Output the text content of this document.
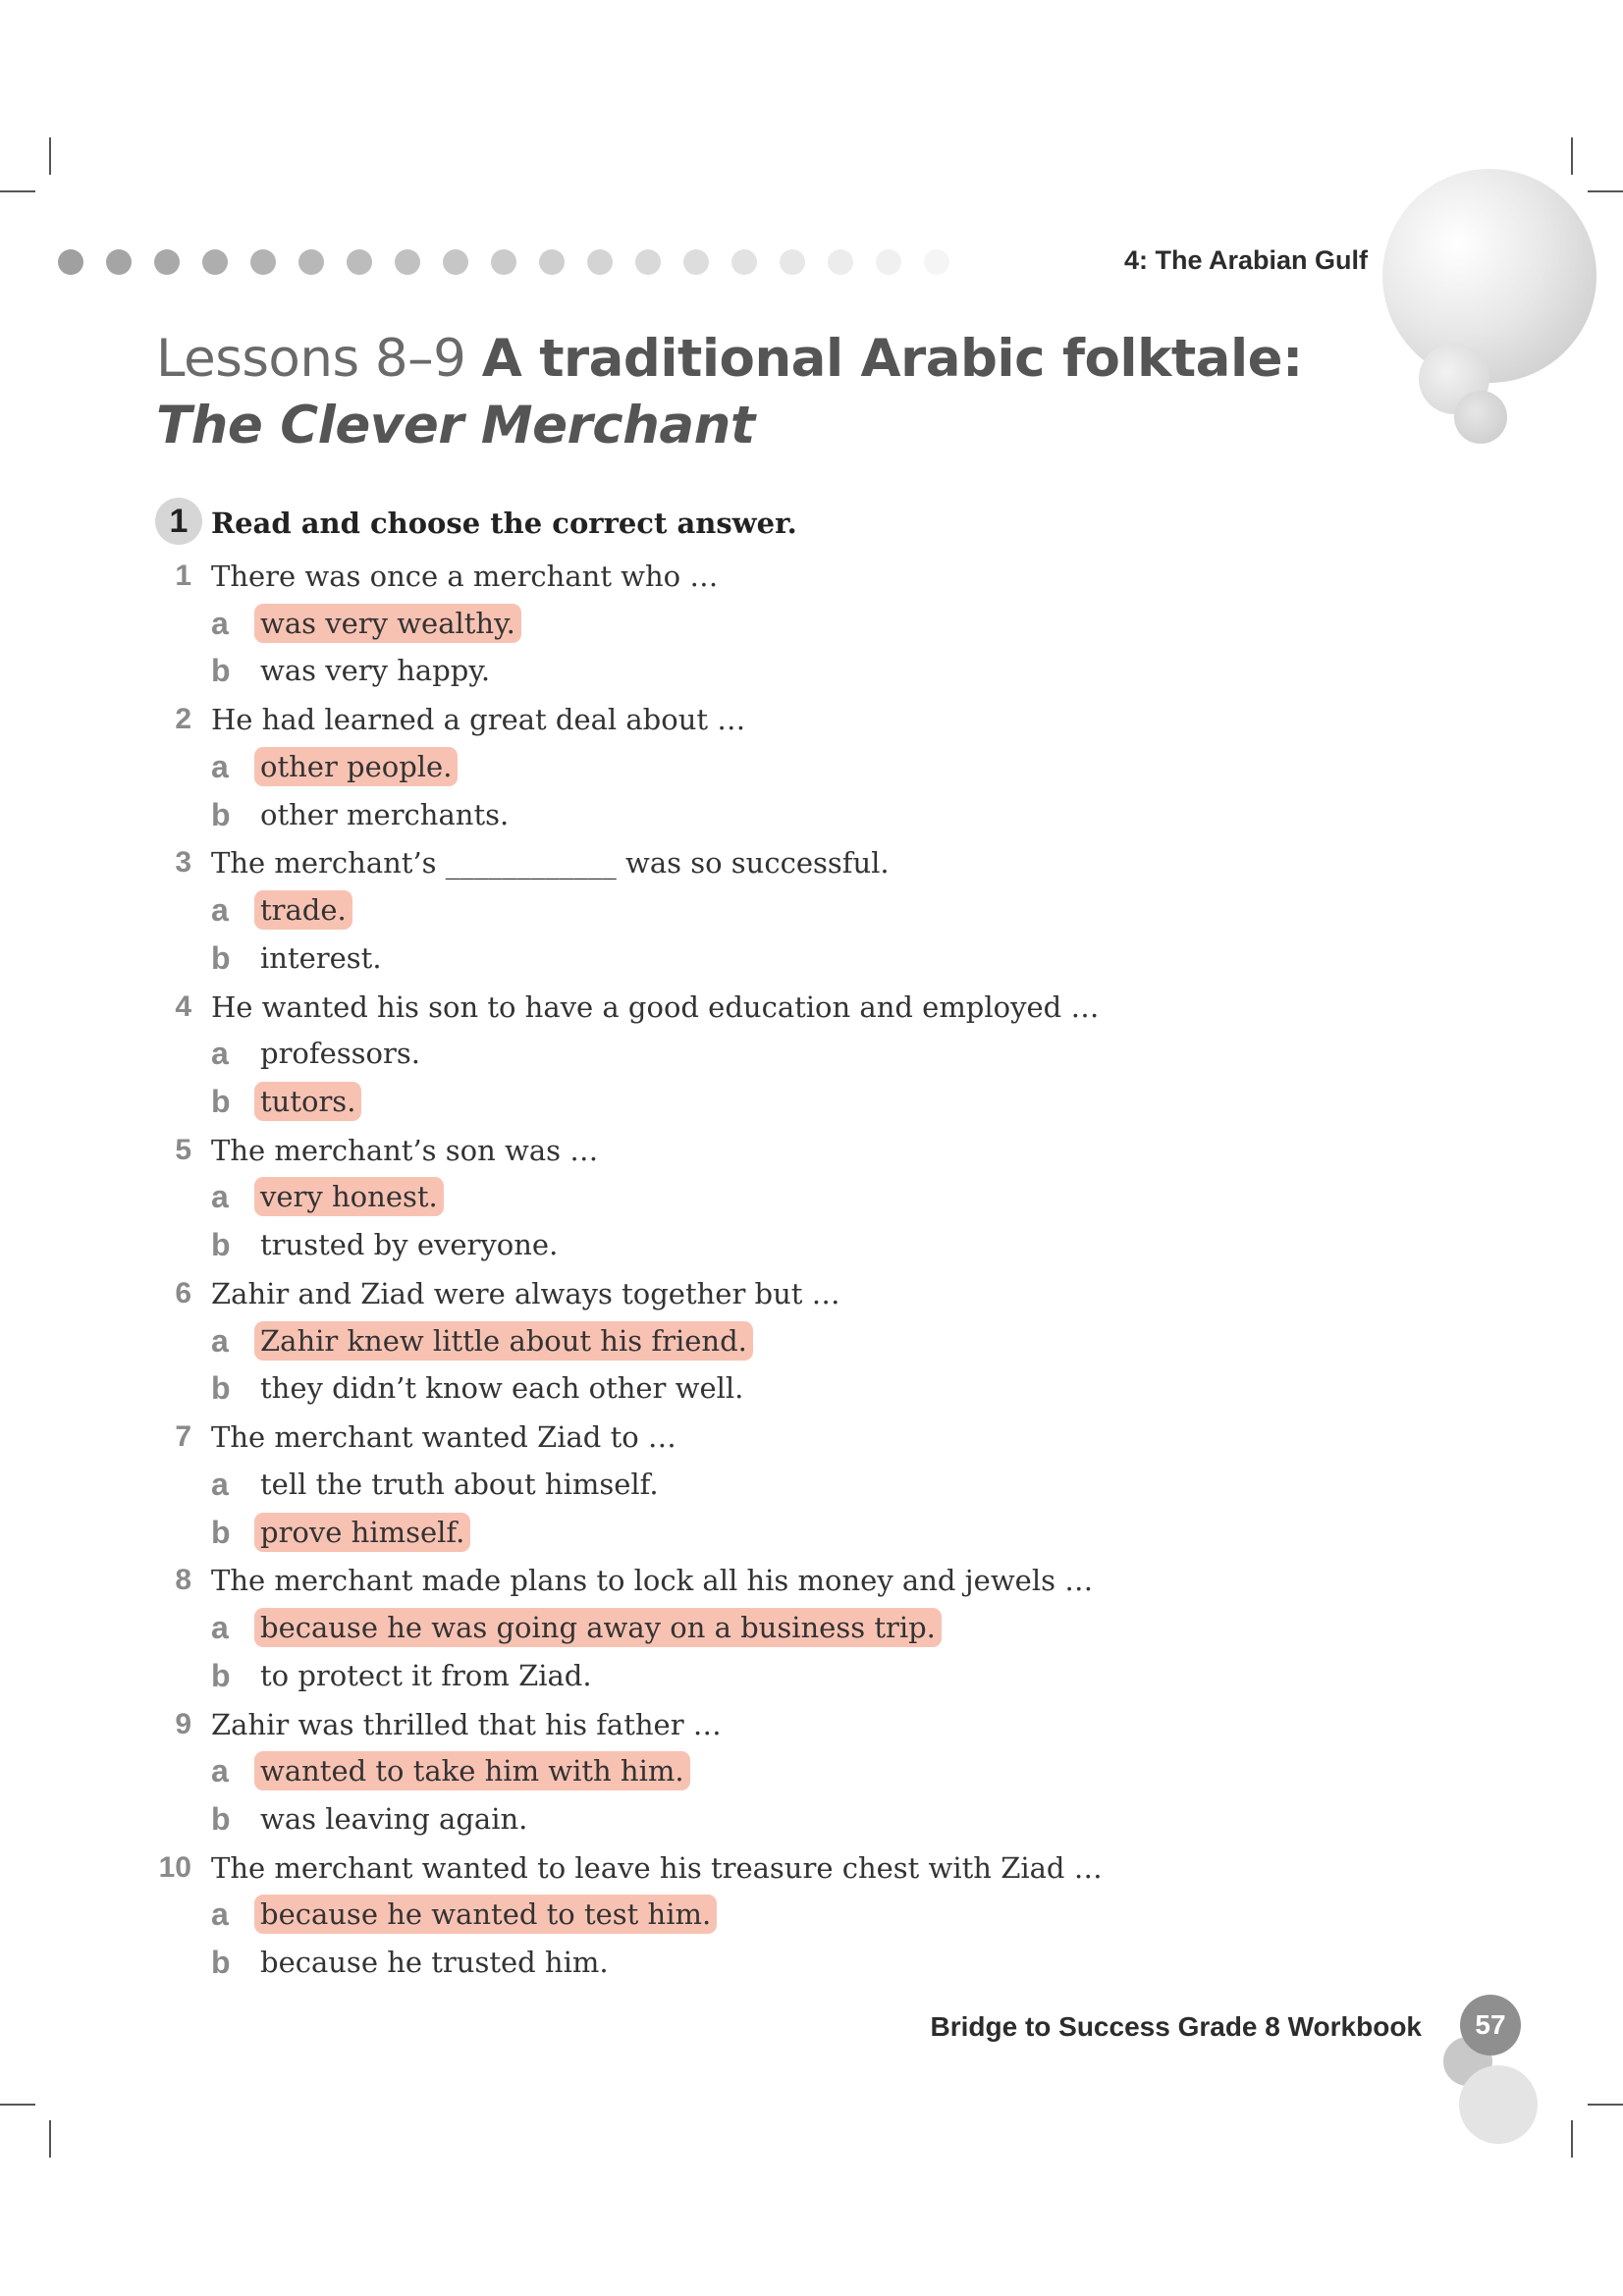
4: The Arabian Gulf
Lessons 8–9 A traditional Arabic folktale:
The Clever Merchant
1 Read and choose the correct answer.
1 There was once a merchant who …
a was very wealthy.
b was very happy.
2 He had learned a great deal about …
a other people.
b other merchants.
3 The merchant’s ____________ was so successful.
a trade.
b interest.
4 He wanted his son to have a good education and employed …
a professors.
b tutors.
5 The merchant’s son was …
a very honest.
b trusted by everyone.
6 Zahir and Ziad were always together but …
a Zahir knew little about his friend.
b they didn’t know each other well.
7 The merchant wanted Ziad to …
a tell the truth about himself.
b prove himself.
8 The merchant made plans to lock all his money and jewels …
a because he was going away on a business trip.
b to protect it from Ziad.
9 Zahir was thrilled that his father …
a wanted to take him with him.
b was leaving again.
10 The merchant wanted to leave his treasure chest with Ziad …
a because he wanted to test him.
b because he trusted him.
Bridge to Success Grade 8 Workbook	57
